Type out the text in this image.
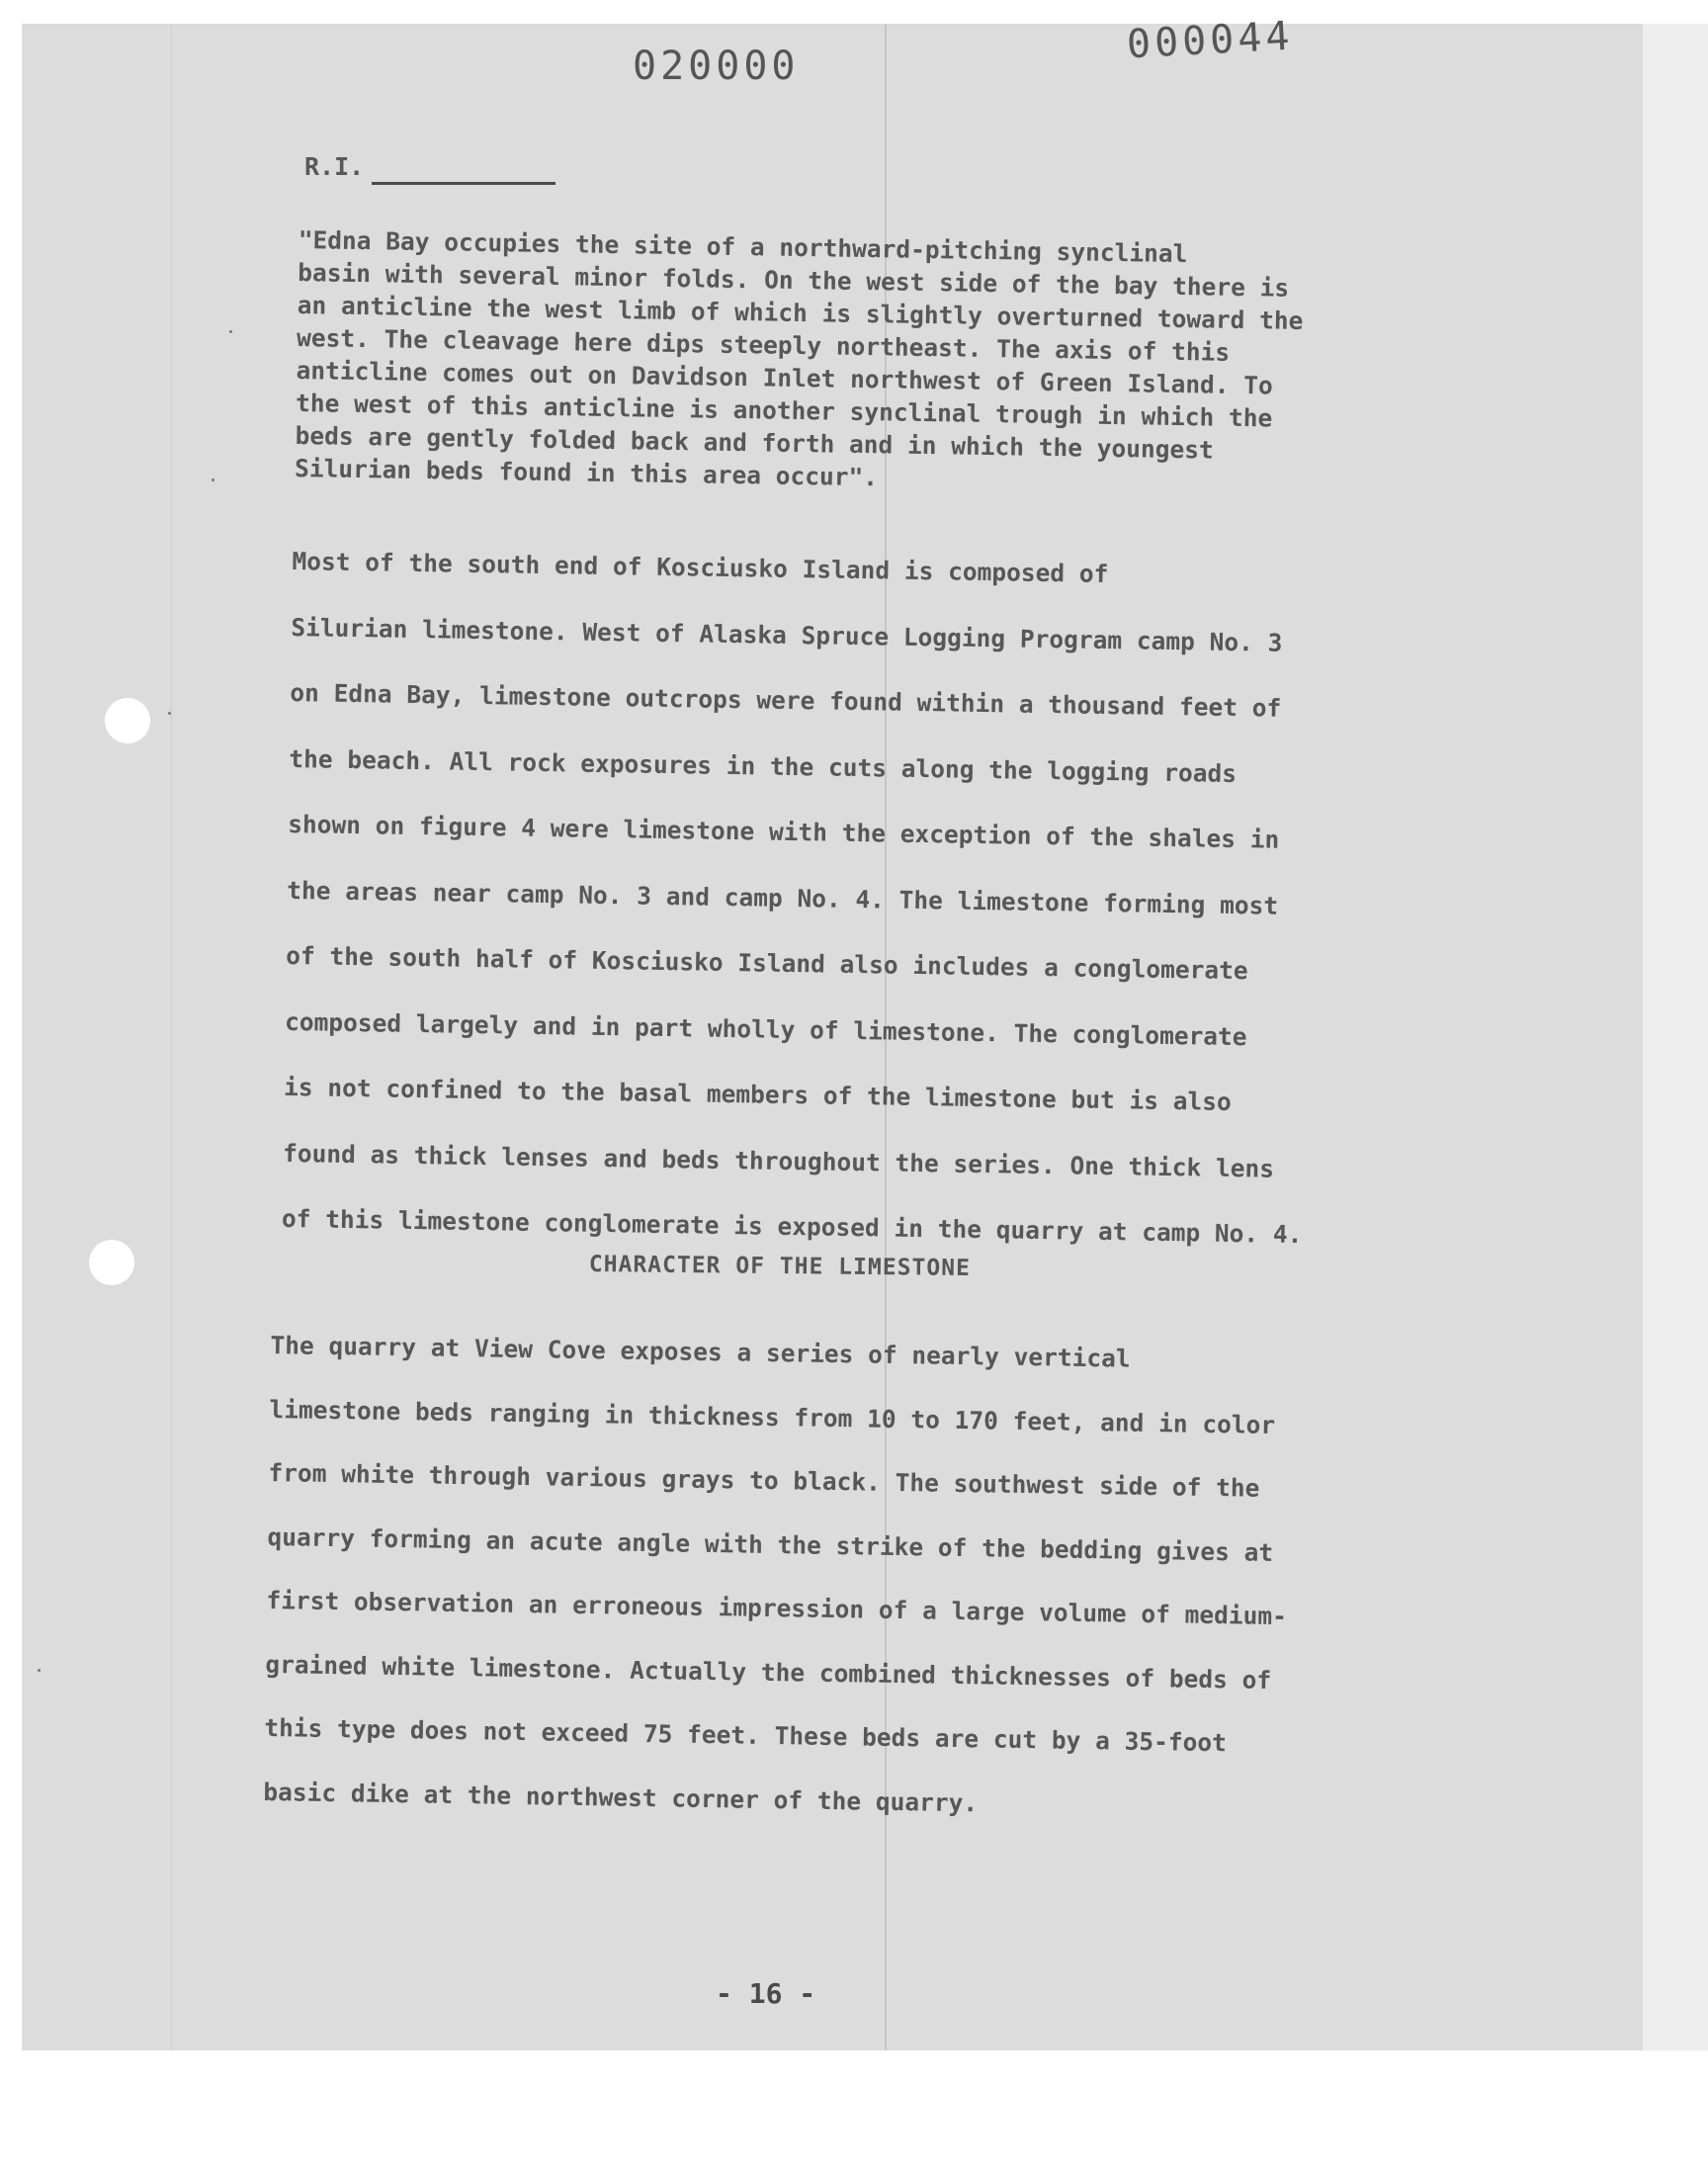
020000	000044

R.I.

"Edna Bay occupies the site of a northward-pitching synclinal
basin with several minor folds. On the west side of the bay there is
an anticline the west limb of which is slightly overturned toward the
west. The cleavage here dips steeply northeast. The axis of this
anticline comes out on Davidson Inlet northwest of Green Island. To
the west of this anticline is another synclinal trough in which the
beds are gently folded back and forth and in which the youngest
Silurian beds found in this area occur".

Most of the south end of Kosciusko Island is composed of
Silurian limestone. West of Alaska Spruce Logging Program camp No. 3
on Edna Bay, limestone outcrops were found within a thousand feet of
the beach. All rock exposures in the cuts along the logging roads
shown on figure 4 were limestone with the exception of the shales in
the areas near camp No. 3 and camp No. 4. The limestone forming most
of the south half of Kosciusko Island also includes a conglomerate
composed largely and in part wholly of limestone. The conglomerate
is not confined to the basal members of the limestone but is also
found as thick lenses and beds throughout the series. One thick lens
of this limestone conglomerate is exposed in the quarry at camp No. 4.

CHARACTER OF THE LIMESTONE

The quarry at View Cove exposes a series of nearly vertical
limestone beds ranging in thickness from 10 to 170 feet, and in color
from white through various grays to black. The southwest side of the
quarry forming an acute angle with the strike of the bedding gives at
first observation an erroneous impression of a large volume of medium-
grained white limestone. Actually the combined thicknesses of beds of
this type does not exceed 75 feet. These beds are cut by a 35-foot
basic dike at the northwest corner of the quarry.

- 16 -
